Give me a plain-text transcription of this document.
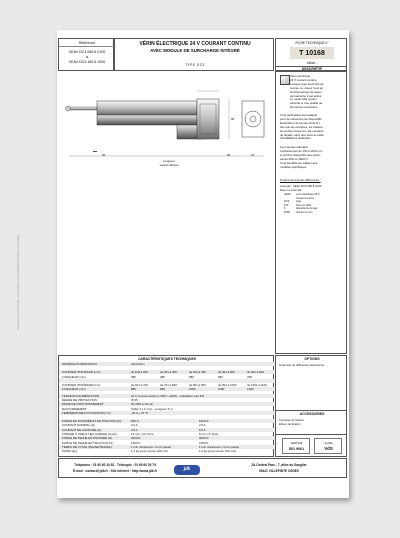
Document non contractuel ; nos produits sont susceptibles d'évolution sans préavis
Référence
VEAV DC3.080.6.0100
à
VEAV DC3.160.6.1000
VÉRIN ÉLECTRIQUE 24 V COURANT CONTINU
AVEC MODULE DE SURCHARGE INTÉGRÉ
TYPE DC3
FICHE TECHNIQUE n°
T 10168
indice -
DESCRIPTIF
60
96
65	47
Longueur
suivant tableau
Vérin électrique
24 V courant continu
Lorsque pour leurs fins de
course, le moteur n'est en
fonctionnement de façon
permanente, il est activé
en mode utile qu'une
sécurité et une qualité de
fermeture constantes.
Il est particulièrement adapté
pour la manœuvre de Dispositifs
Evacuation de fumées (D.E.N.)
tels que les exutoires, les clapets,
les portes coupe-feu, les ouvrants
de façade, ainsi que dans le cadre
d'installations d'aération.
Les courses standard
s'échelonnent de 100 à 1100 mm
et la force disponible des vérins
est de 600 ou 1600 N.
Il est possible de réaliser des
modèles spécifiques.
Positionnement des différences :
exemple : VEAV DC3.160.6.1000
Dans ce exemple :
VEAV vérin électrique 24 V
courant continu
DC3	type
160	force en daN
6	diamètre de la tige
1000 course en mm
CARACTÉRISTIQUES TECHNIQUES
MATÉRIAUX PRINCIPAUX	Aluminium
COURSES STANDARD (mm)	de 100 à 200	de 201 à 300	de 301 à 400	de 401 à 500	de 501 à 600
LONGUEUR (mm)	380	480	580	680	780
COURSES STANDARD (mm)	de 601 à 700	de 701 à 800	de 801 à 900	de 901 à 1000	de 1001 à 1100
LONGUEUR (mm)	880	980	1080	1180	1280
TENSION D'ALIMENTATION	24 V courant continu (-20% / +20%) - ondulation max 5%
DEGRÉ DE PROTECTION	IP 65
MODE DE FONCTIONNEMENT	S3 20% à 10 min
RACCORDEMENT	Câble 3 x 1 mm² - Longueur 5 m
TEMPÉRATURE D'UTILISATION (°C)	-20 à + 70 °C
FORCE EN POUSSÉE ET EN TRACTION (N)	600 N	1600 N
COURANT NOMINAL (A)	2,0 A	2,5 A
COURANT DE COUPURE (A)	3,0 A	6,5 A
VITESSE À VIDE ET EN CHARGE (mm/s)	14 mm / 10 mm/s	8 mm / 6 mm/s
FORCE DE TENUE EN POUSSÉE (N)	3000 N	3000 N
FORCE DE TENUE EN TRACTION (N)	1500 N	1500 N
TEMPS DE CYCLE (PAUSE/TRAVAIL)	1 min manœuvre / 4 min pause	1 min manœuvre / 4 min pause
POIDS (kg)	1,4 kg (pour course 100 mm)	1,6 kg (pour course 100 mm)
OPTIONS
Toute tête de différentes dimensions.
ACCESSOIRES
Consoles de fixation
Étriers de fixation
CERTIFIÉ
ISO 9001
Certifié
VdS
Téléphone : 01 60 60 10 53 - Télécopie : 01 60 60 20 79
E-mail : contact@jdb.fr - Site internet : http://www.jdb.fr
ZA Central Parc - 7, allée du Sanglier
93421 VILLEPINTE CEDEX
jdb
